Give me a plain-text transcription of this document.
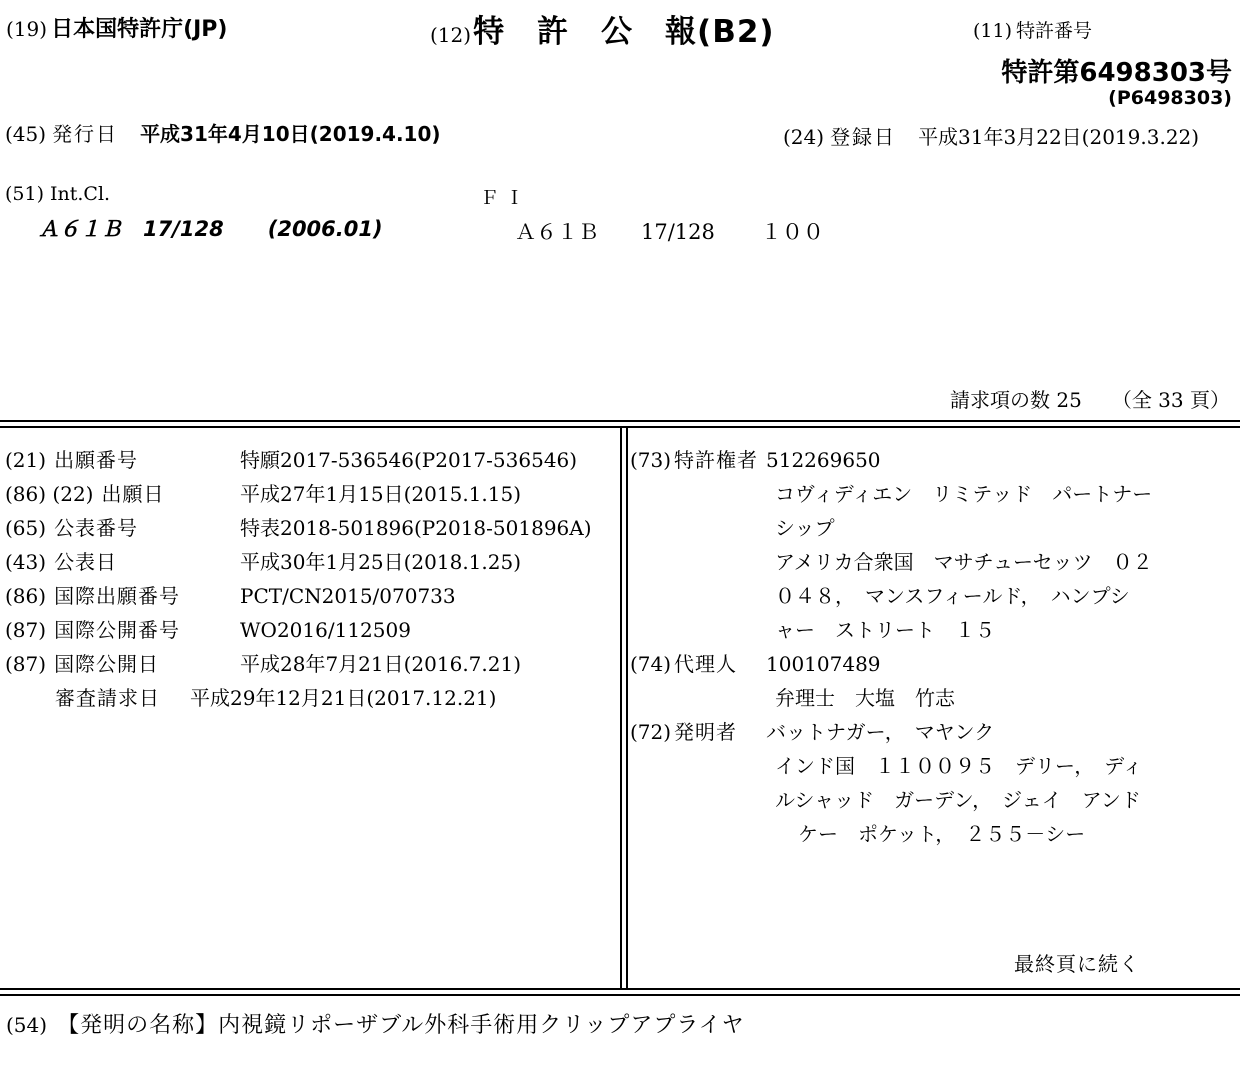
(19) 日本国特許庁(JP)	(12)特　許　公　報(B2)	(11) 特許番号
特許第6498303号
(P6498303)
(45) 発行日 平成31年4月10日(2019.4.10)	(24) 登録日 平成31年3月22日(2019.3.22)
(51) Int.Cl.	ＦＩ
Ａ６１Ｂ　17/128 (2006.01)	Ａ６１Ｂ　　17/128 １００
請求項の数 25　　（全 33 頁）
(21) 出願番号	特願2017-536546(P2017-536546)
(86) (22) 出願日	平成27年1月15日(2015.1.15)
(65) 公表番号	特表2018-501896(P2018-501896A)
(43) 公表日	平成30年1月25日(2018.1.25)
(86) 国際出願番号	PCT/CN2015/070733
(87) 国際公開番号	WO2016/112509
(87) 国際公開日	平成28年7月21日(2016.7.21)
審査請求日 平成29年12月21日(2017.12.21)
(73) 特許権者 512269650
コヴィディエン　リミテッド　パートナー
シップ
アメリカ合衆国　マサチューセッツ　０２
０４８，　マンスフィールド，　ハンプシ
ャー　ストリート　１５
(74) 代理人 100107489
弁理士　大塩　竹志
(72) 発明者 バットナガー，　マヤンク
インド国　１１００９５　デリー，　ディ
ルシャッド　ガーデン，　ジェイ　アンド
ケー　ポケット，　２５５－シー
最終頁に続く
(54) 【発明の名称】内視鏡リポーザブル外科手術用クリップアプライヤ
